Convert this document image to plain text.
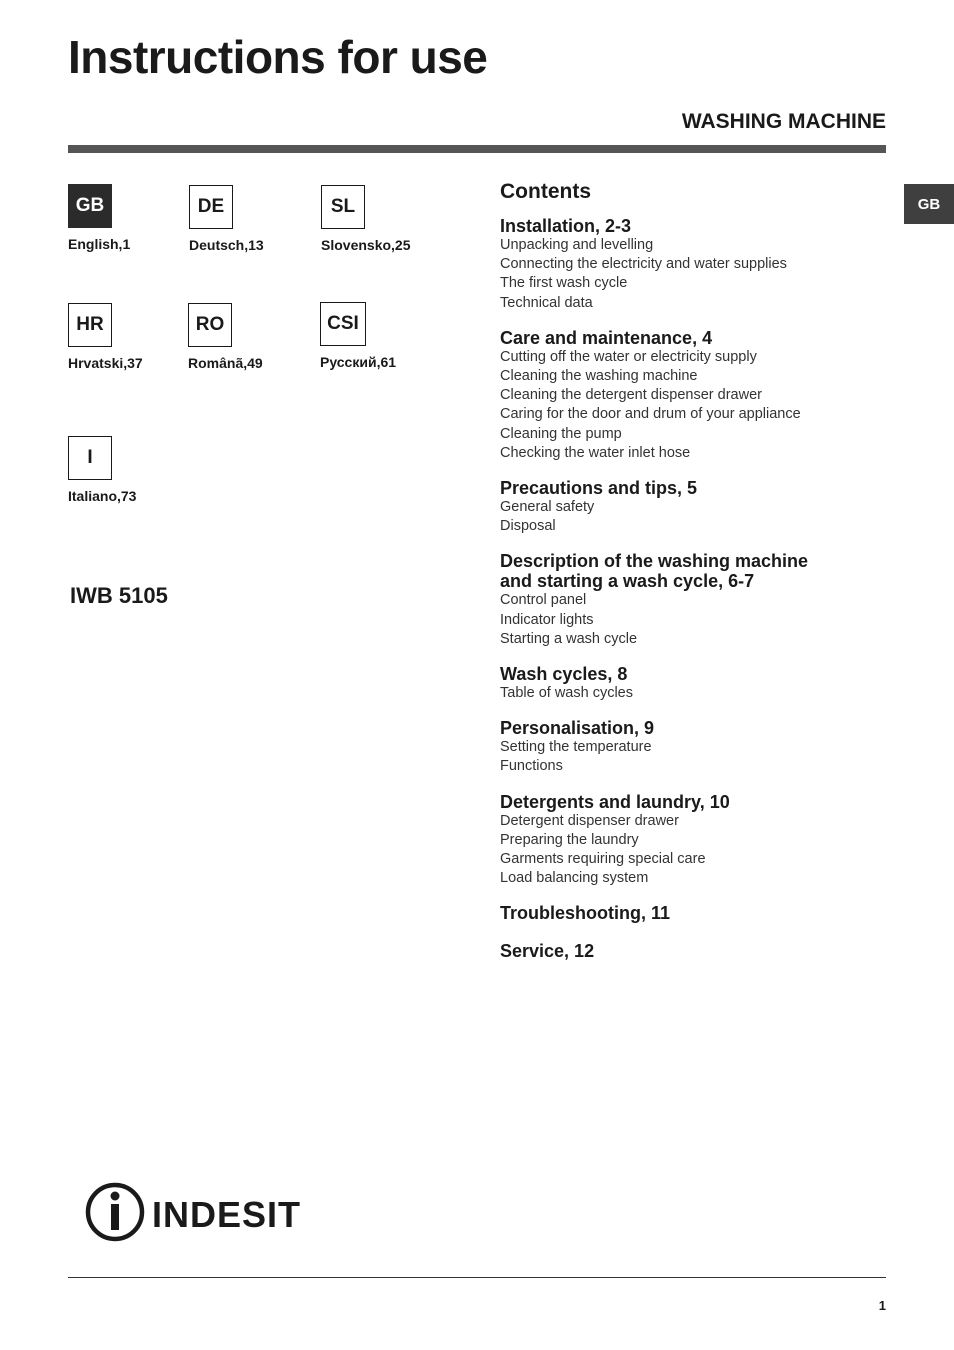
Instructions for use
WASHING MACHINE
GB
GB
English,1
DE
Deutsch,13
SL
Slovensko,25
HR
Hrvatski,37
RO
Românã,49
CSI
Русский,61
I
Italiano,73
IWB 5105
Contents
Installation, 2-3
Unpacking and levelling
Connecting the electricity and water supplies
The first wash cycle
Technical data
Care and maintenance, 4
Cutting off the water or electricity supply
Cleaning the washing machine
Cleaning the detergent dispenser drawer
Caring for the door and drum of your appliance
Cleaning the pump
Checking the water inlet hose
Precautions and tips, 5
General safety
Disposal
Description of the washing machine
and starting a wash cycle, 6-7
Control panel
Indicator lights
Starting a wash cycle
Wash cycles, 8
Table of wash cycles
Personalisation, 9
Setting the temperature
Functions
Detergents and laundry, 10
Detergent dispenser drawer
Preparing the laundry
Garments requiring special care
Load balancing system
Troubleshooting, 11
Service, 12
INDESIT
1
